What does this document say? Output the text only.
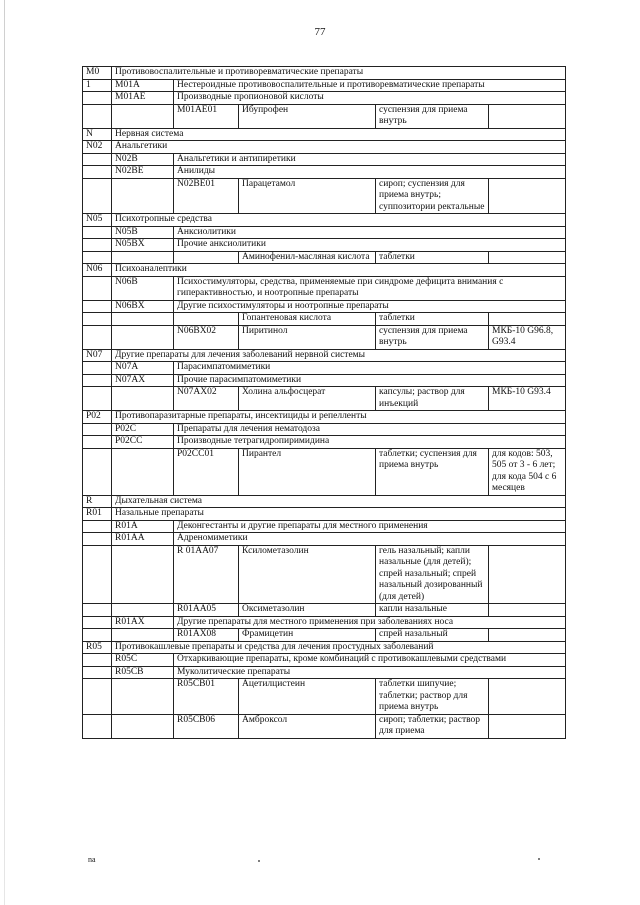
77
M0	Противовоспалительные и противоревматические препараты				
1	M01A	Нестероидные противовоспалительные и противоревматические препараты			
	M01AE	Производные пропионовой кислоты			
		M01AE01	Ибупрофен	суспензия для приема внутрь	
N	Нервная система				
N02	Анальгетики				
	N02B	Анальгетики и антипиретики			
	N02BE	Анилиды			
		N02BE01	Парацетамол	сироп; суспензия для приема внутрь; суппозитории ректальные	
N05	Психотропные средства				
	N05B	Анксиолитики			
	N05BX	Прочие анксиолитики			
			Аминофенил-масляная кислота	таблетки	
N06	Психоаналептики				
	N06B	Психостимуляторы, средства, применяемые при синдроме дефицита внимания с гиперактивностью, и ноотропные препараты			
	N06BX	Другие психостимуляторы и ноотропные препараты			
			Гопантеновая кислота	таблетки	
		N06BX02	Пиритинол	суспензия для приема внутрь	МКБ-10 G96.8, G93.4
N07	Другие препараты для лечения заболеваний нервной системы				
	N07A	Парасимпатомиметики			
	N07AX	Прочие парасимпатомиметики			
		N07AX02	Холина альфосцерат	капсулы; раствор для инъекций	МКБ-10 G93.4
P02	Противопаразитарные препараты, инсектициды и репелленты				
	P02C	Препараты для лечения нематодоза			
	P02CC	Производные тетрагидропиримидина			
		P02CC01	Пирантел	таблетки; суспензия для приема внутрь	для кодов: 503, 505 от 3 - 6 лет; для кода 504 с 6 месяцев
R	Дыхательная система				
R01	Назальные препараты				
	R01A	Деконгестанты и другие препараты для местного применения			
	R01AA	Адреномиметики			
		R 01AA07	Ксилометазолин	гель назальный; капли назальные (для детей); спрей назальный; спрей назальный дозированный (для детей)	
		R01AA05	Оксиметазолин	капли назальные	
	R01AX	Другие препараты для местного применения при заболеваниях носа			
		R01AX08	Фрамицетин	спрей назальный	
R05	Противокашлевые препараты и средства для лечения простудных заболеваний				
	R05C	Отхаркивающие препараты, кроме комбинаций с противокашлевыми средствами			
	R05CB	Муколитические препараты			
		R05CB01	Ацетилцистеин	таблетки шипучие; таблетки; раствор для приема внутрь	
		R05CB06	Амброксол	сироп; таблетки; раствор для приема	
na
